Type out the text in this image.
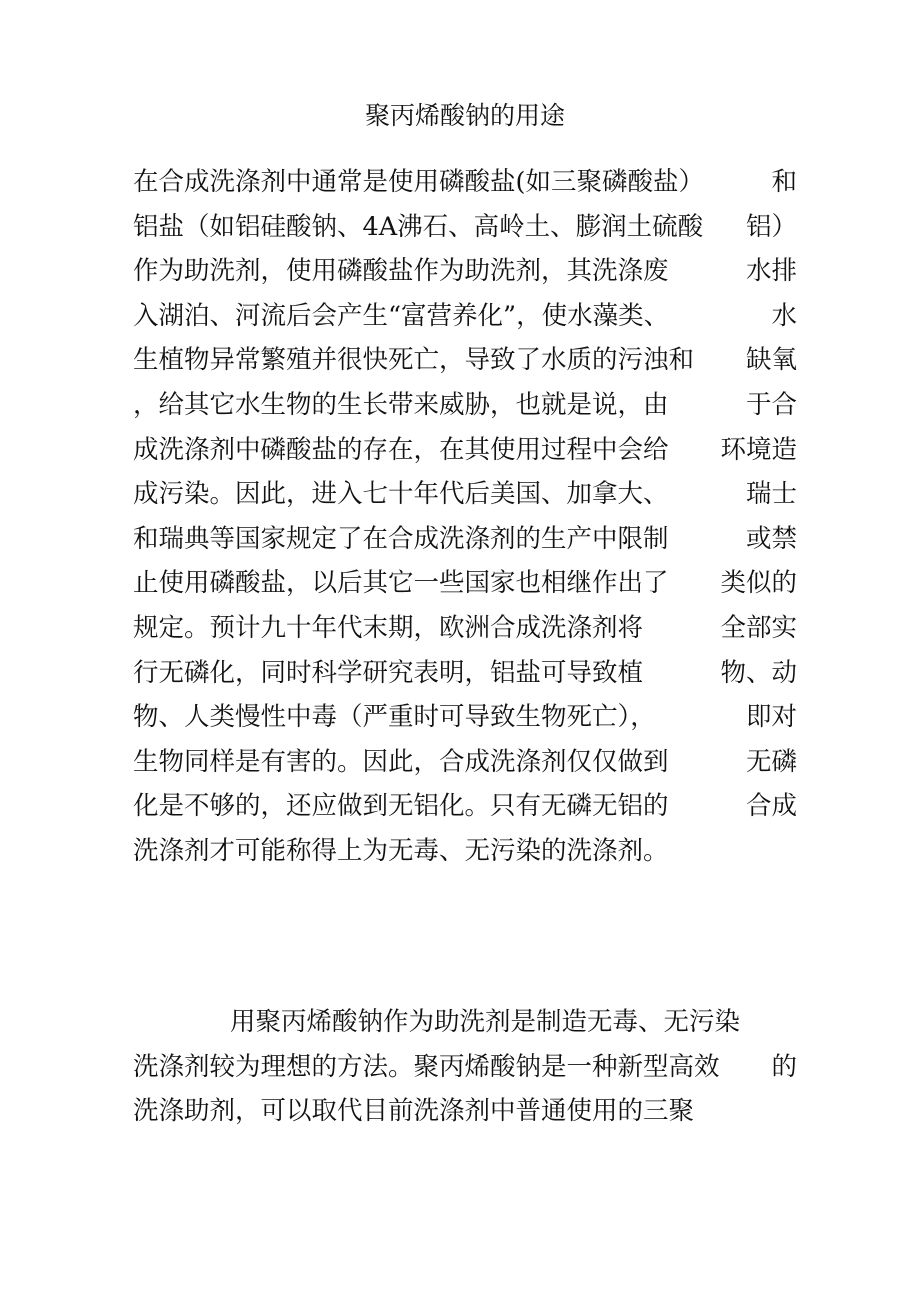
聚丙烯酸钠的用途
在合成洗涤剂中通常是使用磷酸盐(如三聚磷酸盐）	和
铝盐（如铝硅酸钠、4A沸石、高岭土、膨润土硫酸 铝）
作为助洗剂，使用磷酸盐作为助洗剂，其洗涤废	水排
入湖泊、河流后会产生“富营养化”，使水藻类、	水
生植物异常繁殖并很快死亡，导致了水质的污浊和 缺氧
，给其它水生物的生长带来威胁，也就是说，由	于合
成洗涤剂中磷酸盐的存在，在其使用过程中会给 环境造
成污染。因此，进入七十年代后美国、加拿大、	瑞士
和瑞典等国家规定了在合成洗涤剂的生产中限制	或禁
止使用磷酸盐，以后其它一些国家也相继作出了 类似的
规定。预计九十年代末期，欧洲合成洗涤剂将	全部实
行无磷化，同时科学研究表明，铝盐可导致植	物、动
物、人类慢性中毒（严重时可导致生物死亡），	即对
生物同样是有害的。因此，合成洗涤剂仅仅做到	无磷
化是不够的，还应做到无铝化。只有无磷无铝的	合成
洗涤剂才可能称得上为无毒、无污染的洗涤剂。
用聚丙烯酸钠作为助洗剂是制造无毒、无污染
洗涤剂较为理想的方法。聚丙烯酸钠是一种新型高效 的
洗涤助剂，可以取代目前洗涤剂中普通使用的三聚
